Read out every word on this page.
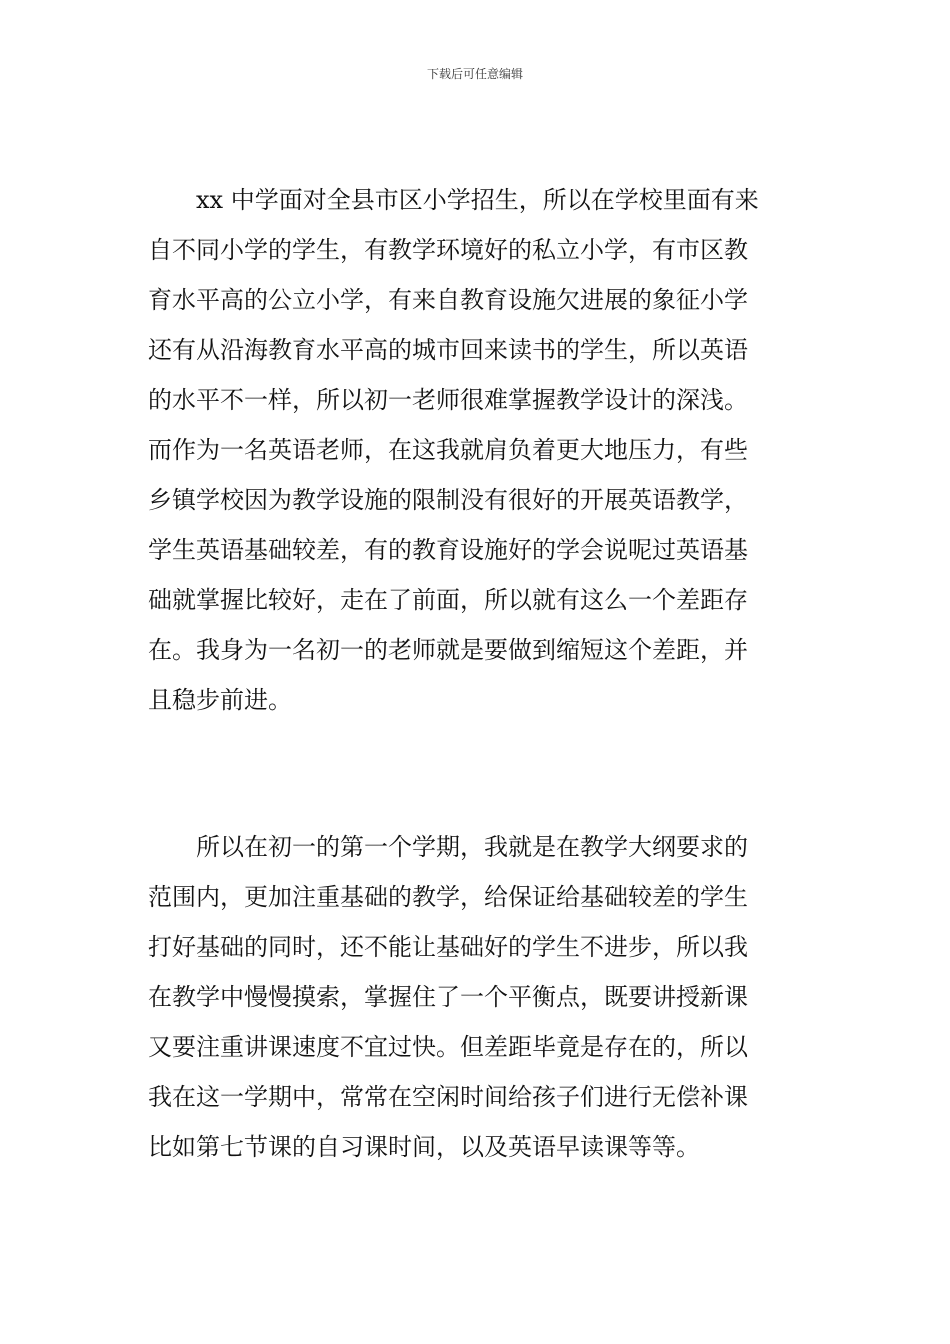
下载后可任意编辑
　　xx 中学面对全县市区小学招生，所以在学校里面有来
自不同小学的学生，有教学环境好的私立小学，有市区教
育水平高的公立小学，有来自教育设施欠进展的象征小学
还有从沿海教育水平高的城市回来读书的学生，所以英语
的水平不一样，所以初一老师很难掌握教学设计的深浅。
而作为一名英语老师，在这我就肩负着更大地压力，有些
乡镇学校因为教学设施的限制没有很好的开展英语教学，
学生英语基础较差，有的教育设施好的学会说呢过英语基
础就掌握比较好，走在了前面，所以就有这么一个差距存
在。我身为一名初一的老师就是要做到缩短这个差距，并
且稳步前进。
　　所以在初一的第一个学期，我就是在教学大纲要求的
范围内，更加注重基础的教学，给保证给基础较差的学生
打好基础的同时，还不能让基础好的学生不进步，所以我
在教学中慢慢摸索，掌握住了一个平衡点，既要讲授新课
又要注重讲课速度不宜过快。但差距毕竟是存在的，所以
我在这一学期中，常常在空闲时间给孩子们进行无偿补课
比如第七节课的自习课时间，以及英语早读课等等。
